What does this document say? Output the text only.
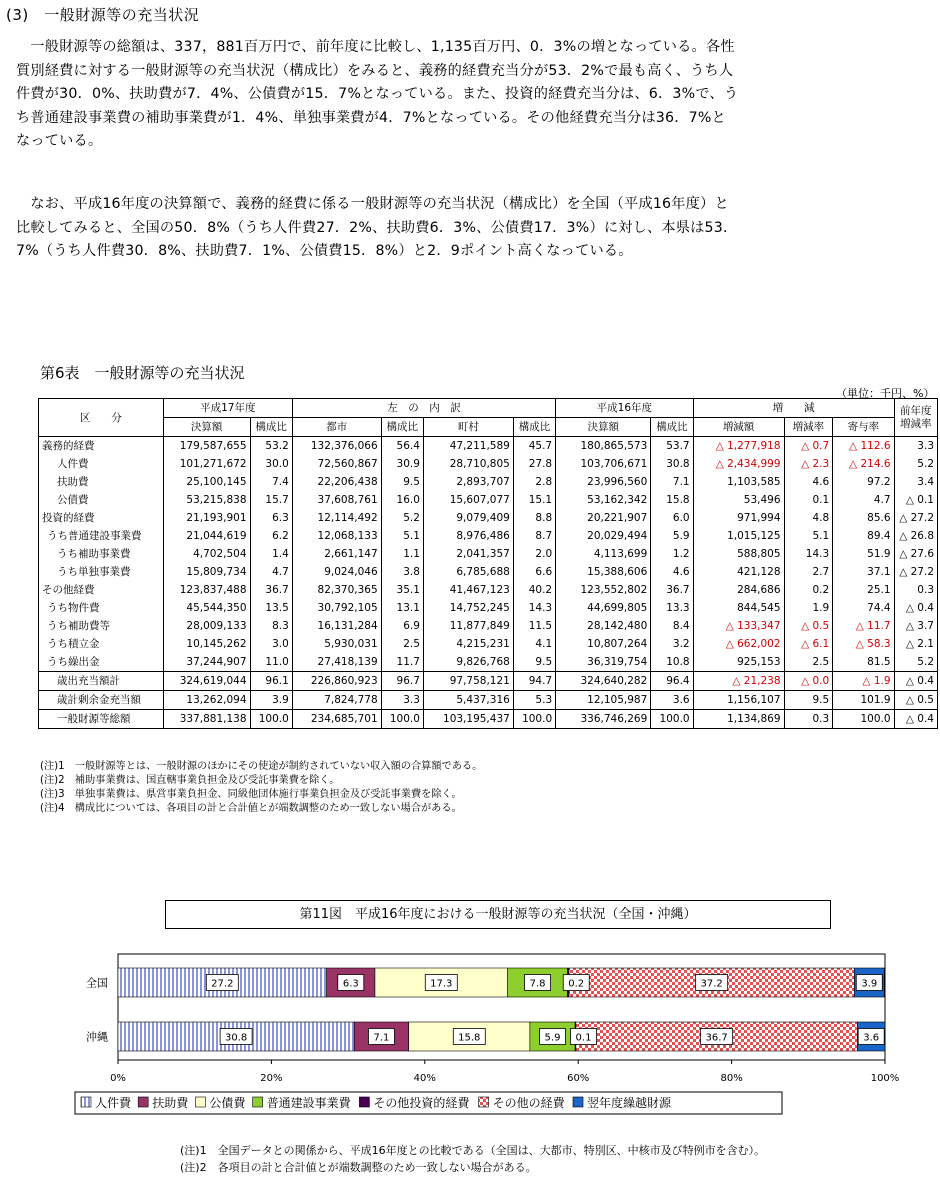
(3)　一般財源等の充当状況
　一般財源等の総額は、337，881百万円で、前年度に比較し、1,135百万円、0．3%の増となっている。各性
質別経費に対する一般財源等の充当状況（構成比）をみると、義務的経費充当分が53．2%で最も高く、うち人
件費が30．0%、扶助費が7．4%、公債費が15．7%となっている。また、投資的経費充当分は、6．3%で、う
ち普通建設事業費の補助事業費が1．4%、単独事業費が4．7%となっている。その他経費充当分は36．7%と
なっている。
　なお、平成16年度の決算額で、義務的経費に係る一般財源等の充当状況（構成比）を全国（平成16年度）と
比較してみると、全国の50．8%（うち人件費27．2%、扶助費6．3%、公債費17．3%）に対し、本県は53．
7%（うち人件費30．8%、扶助費7．1%、公債費15．8%）と2．9ポイント高くなっている。
第6表　一般財源等の充当状況
（単位：千円、%）
区　　分	平成17年度		左　の　内　訳				平成16年度		増　　減			前年度
増減率
	決算額	構成比	都市	構成比	町村	構成比	決算額	構成比	増減額	増減率	寄与率	
義務的経費	179,587,655	53.2	132,376,066	56.4	47,211,589	45.7	180,865,573	53.7	△ 1,277,918	△ 0.7	△ 112.6	3.3
人件費	101,271,672	30.0	72,560,867	30.9	28,710,805	27.8	103,706,671	30.8	△ 2,434,999	△ 2.3	△ 214.6	5.2
扶助費	25,100,145	7.4	22,206,438	9.5	2,893,707	2.8	23,996,560	7.1	1,103,585	4.6	97.2	3.4
公債費	53,215,838	15.7	37,608,761	16.0	15,607,077	15.1	53,162,342	15.8	53,496	0.1	4.7	△ 0.1
投資的経費	21,193,901	6.3	12,114,492	5.2	9,079,409	8.8	20,221,907	6.0	971,994	4.8	85.6	△ 27.2
うち普通建設事業費	21,044,619	6.2	12,068,133	5.1	8,976,486	8.7	20,029,494	5.9	1,015,125	5.1	89.4	△ 26.8
うち補助事業費	4,702,504	1.4	2,661,147	1.1	2,041,357	2.0	4,113,699	1.2	588,805	14.3	51.9	△ 27.6
うち単独事業費	15,809,734	4.7	9,024,046	3.8	6,785,688	6.6	15,388,606	4.6	421,128	2.7	37.1	△ 27.2
その他経費	123,837,488	36.7	82,370,365	35.1	41,467,123	40.2	123,552,802	36.7	284,686	0.2	25.1	0.3
うち物件費	45,544,350	13.5	30,792,105	13.1	14,752,245	14.3	44,699,805	13.3	844,545	1.9	74.4	△ 0.4
うち補助費等	28,009,133	8.3	16,131,284	6.9	11,877,849	11.5	28,142,480	8.4	△ 133,347	△ 0.5	△ 11.7	△ 3.7
うち積立金	10,145,262	3.0	5,930,031	2.5	4,215,231	4.1	10,807,264	3.2	△ 662,002	△ 6.1	△ 58.3	△ 2.1
うち繰出金	37,244,907	11.0	27,418,139	11.7	9,826,768	9.5	36,319,754	10.8	925,153	2.5	81.5	5.2
歳出充当額計	324,619,044	96.1	226,860,923	96.7	97,758,121	94.7	324,640,282	96.4	△ 21,238	△ 0.0	△ 1.9	△ 0.4
歳計剰余金充当額	13,262,094	3.9	7,824,778	3.3	5,437,316	5.3	12,105,987	3.6	1,156,107	9.5	101.9	△ 0.5
一般財源等総額	337,881,138	100.0	234,685,701	100.0	103,195,437	100.0	336,746,269	100.0	1,134,869	0.3	100.0	△ 0.4
(注)1　一般財源等とは、一般財源のほかにその使途が制約されていない収入額の合算額である。
(注)2　補助事業費は、国直轄事業負担金及び受託事業費を除く。
(注)3　単独事業費は、県営事業負担金、同級他団体施行事業負担金及び受託事業費を除く。
(注)4　構成比については、各項目の計と合計値とが端数調整のため一致しない場合がある。
第11図　平成16年度における一般財源等の充当状況（全国・沖縄）
0%	20%	40%	60%	80%	100%
全国	27.2	6.3	17.3	7.8 0.2	37.2	3.9
沖縄	30.8	7.1	15.8	5.9 0.1	36.7	3.6
人件費 扶助費 公債費 普通建設事業費 その他投資的経費 その他の経費 翌年度繰越財源
(注)1　全国データとの関係から、平成16年度との比較である（全国は、大都市、特別区、中核市及び特例市を含む）。
(注)2　各項目の計と合計値とが端数調整のため一致しない場合がある。
